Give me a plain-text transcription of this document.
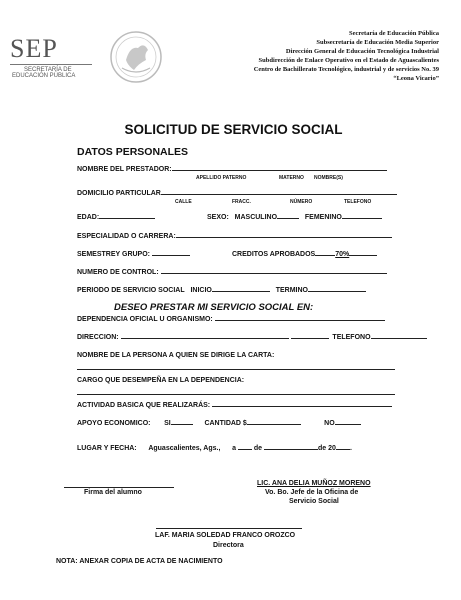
SEP
SECRETARÍA DE
EDUCACIÓN PÚBLICA
Secretaría de Educación Pública
Subsecretaría de Educación Media Superior
Dirección General de Educación Tecnológica Industrial
Subdirección de Enlace Operativo en el Estado de Aguascalientes
Centro de Bachillerato Tecnológico, industrial y de servicios No. 39
“Leona Vicario”
SOLICITUD DE SERVICIO SOCIAL
DATOS PERSONALES
NOMBRE DEL PRESTADOR:
APELLIDO PATERNO	MATERNO NOMBRE(S)
DOMICILIO PARTICULAR
CALLE	FRACC.	NÚMERO	TELEFONO
EDAD:	SEXO: MASCULINO	FEMENINO
ESPECIALIDAD O CARRERA:
SEMESTREY GRUPO:	CREDITOS APROBADOS	70%
NUMERO DE CONTROL:
PERIODO DE SERVICIO SOCIAL INICIO	TERMINO
DESEO PRESTAR MI SERVICIO SOCIAL EN:
DEPENDENCIA OFICIAL U ORGANISMO:
DIRECCION:	TELEFONO
NOMBRE DE LA PERSONA A QUIEN SE DIRIGE LA CARTA:
CARGO QUE DESEMPEÑA EN LA DEPENDENCIA:
ACTIVIDAD BASICA QUE REALIZARÁS:
APOYO ECONOMICO: SI	CANTIDAD $	NO
LUGAR Y FECHA: Aguascalientes, Ags., a	de	de 20 .
Firma del alumno
LIC. ANA DELIA MUÑOZ MORENO
Vo. Bo. Jefe de la Oficina de
Servicio Social
LAF. MARIA SOLEDAD FRANCO OROZCO
Directora
NOTA: ANEXAR COPIA DE ACTA DE NACIMIENTO
